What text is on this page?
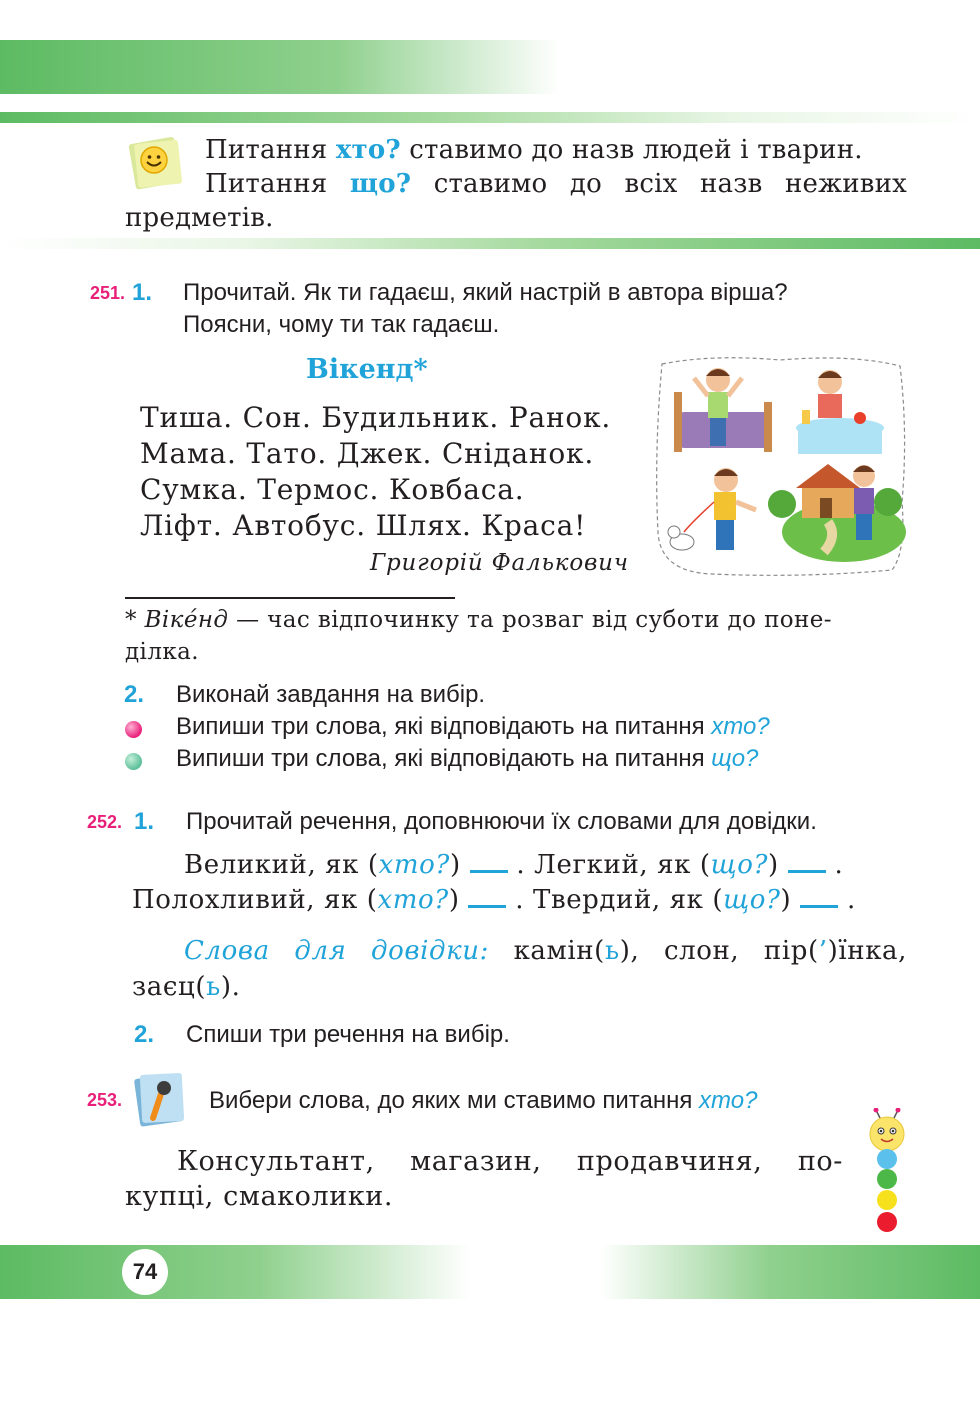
74
Питання хто? ставимо до назв людей і тварин.
Питання що? ставимо до всіх назв неживих
предметів.
251. 1. Прочитай. Як ти гадаєш, який настрій в автора вірша?
Поясни, чому ти так гадаєш.
Вікенд*
Тиша. Сон. Будильник. Ранок.
Мама. Тато. Джек. Сніданок.
Сумка. Термос. Ковбаса.
Ліфт. Автобус. Шлях. Краса!
Григорій Фалькович
* Вікéнд — час відпочинку та розваг від суботи до поне-
ділка.
2. Виконай завдання на вибір.
Випиши три слова, які відповідають на питання хто?
Випиши три слова, які відповідають на питання що?
252. 1. Прочитай речення, доповнюючи їх словами для довідки.
Великий, як (хто?)  . Легкий, як (що?)  .
Полохливий, як (хто?)  . Твердий, як (що?)  .
Слова для довідки: камін(ь), слон, пір(’)їнка,
заєц(ь).
2. Спиши три речення на вибір.
253.	Вибери слова, до яких ми ставимо питання хто?
Консультант, магазин, продавчиня, по-
купці, смаколики.
